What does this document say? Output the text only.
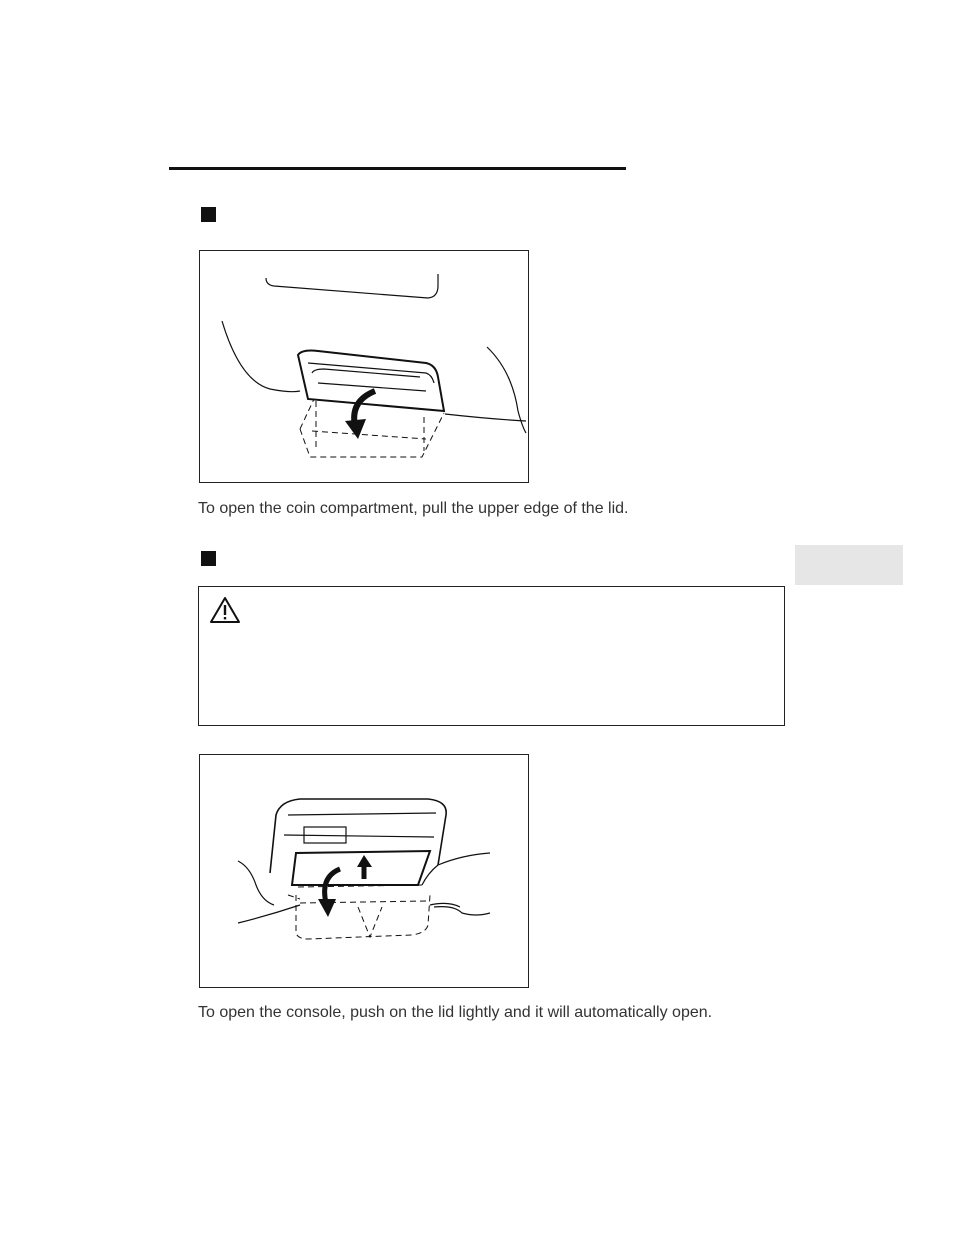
To open the coin compartment, pull the upper edge of the lid.
To open the console, push on the lid lightly and it will automatically open.
